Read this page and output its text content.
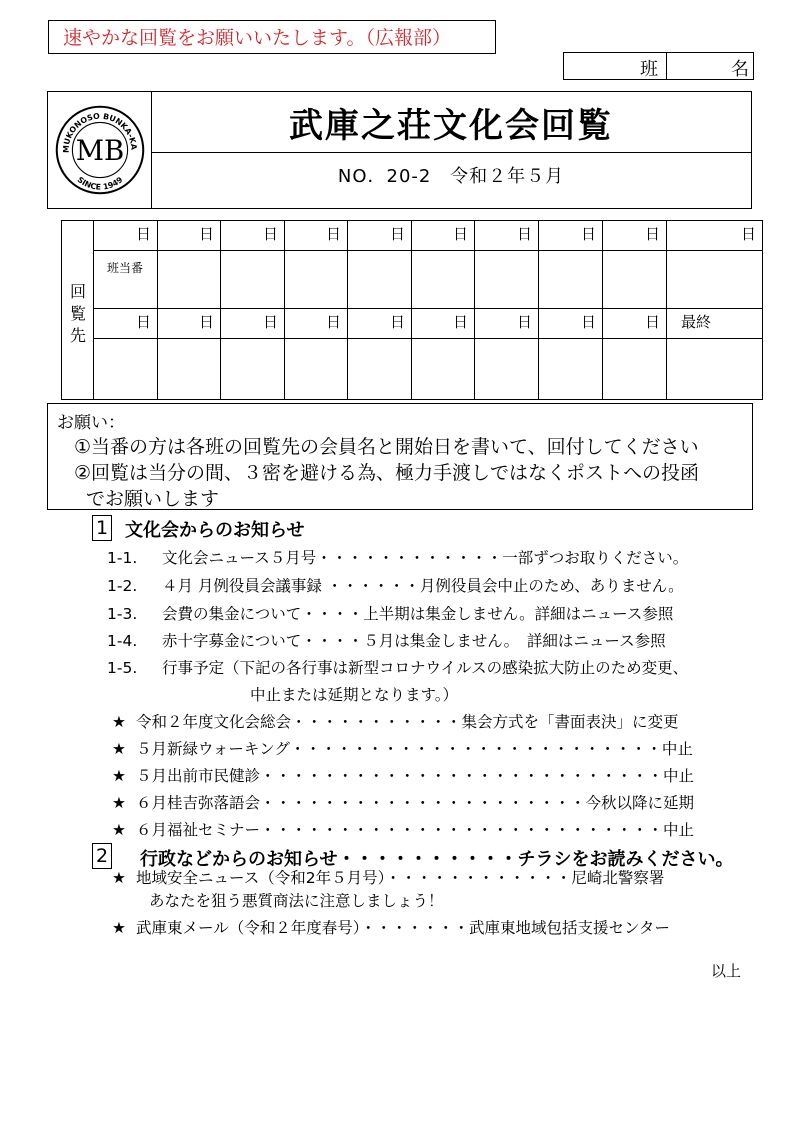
速やかな回覧をお願いいたします。（広報部）
班	名
MUKONOSO BUNKA-KA
SINCE 1949
MB
武庫之荘文化会回覧
NO．20-2 令和２年５月
回
覧
先
日
班当番
日
日
日
日
日
日
日
日
日
日
日
日
日
日
日
日
日
日
最終
お願い：
①当番の方は各班の回覧先の会員名と開始日を書いて、回付してください
②回覧は当分の間、３密を避ける為、極力手渡しではなくポストへの投函
でお願いします
1 文化会からのお知らせ
1-1. 文化会ニュース５月号・・・・・・・・・・・・一部ずつお取りください。
1-2. ４月 月例役員会議事録 ・・・・・・月例役員会中止のため、ありません。
1-3. 会費の集金について・・・・上半期は集金しません。詳細はニュース参照
1-4. 赤十字募金について・・・・５月は集金しません。　詳細はニュース参照
1-5. 行事予定（下記の各行事は新型コロナウイルスの感染拡大防止のため変更、
中止または延期となります。）
★ 令和２年度文化会総会・・・・・・・・・・・集会方式を「書面表決」に変更
★ ５月新緑ウォーキング・・・・・・・・・・・・・・・・・・・・・・・・中止
★ ５月出前市民健診・・・・・・・・・・・・・・・・・・・・・・・・・・中止
★ ６月桂吉弥落語会・・・・・・・・・・・・・・・・・・・・・今秋以降に延期
★ ６月福祉セミナー・・・・・・・・・・・・・・・・・・・・・・・・・・中止
2 行政などからのお知らせ・・・・・・・・・・チラシをお読みください。
★ 地域安全ニュース（令和2年５月号）・・・・・・・・・・・・尼崎北警察署
あなたを狙う悪質商法に注意しましょう！
★ 武庫東メール（令和２年度春号）・・・・・・・武庫東地域包括支援センター
以上
